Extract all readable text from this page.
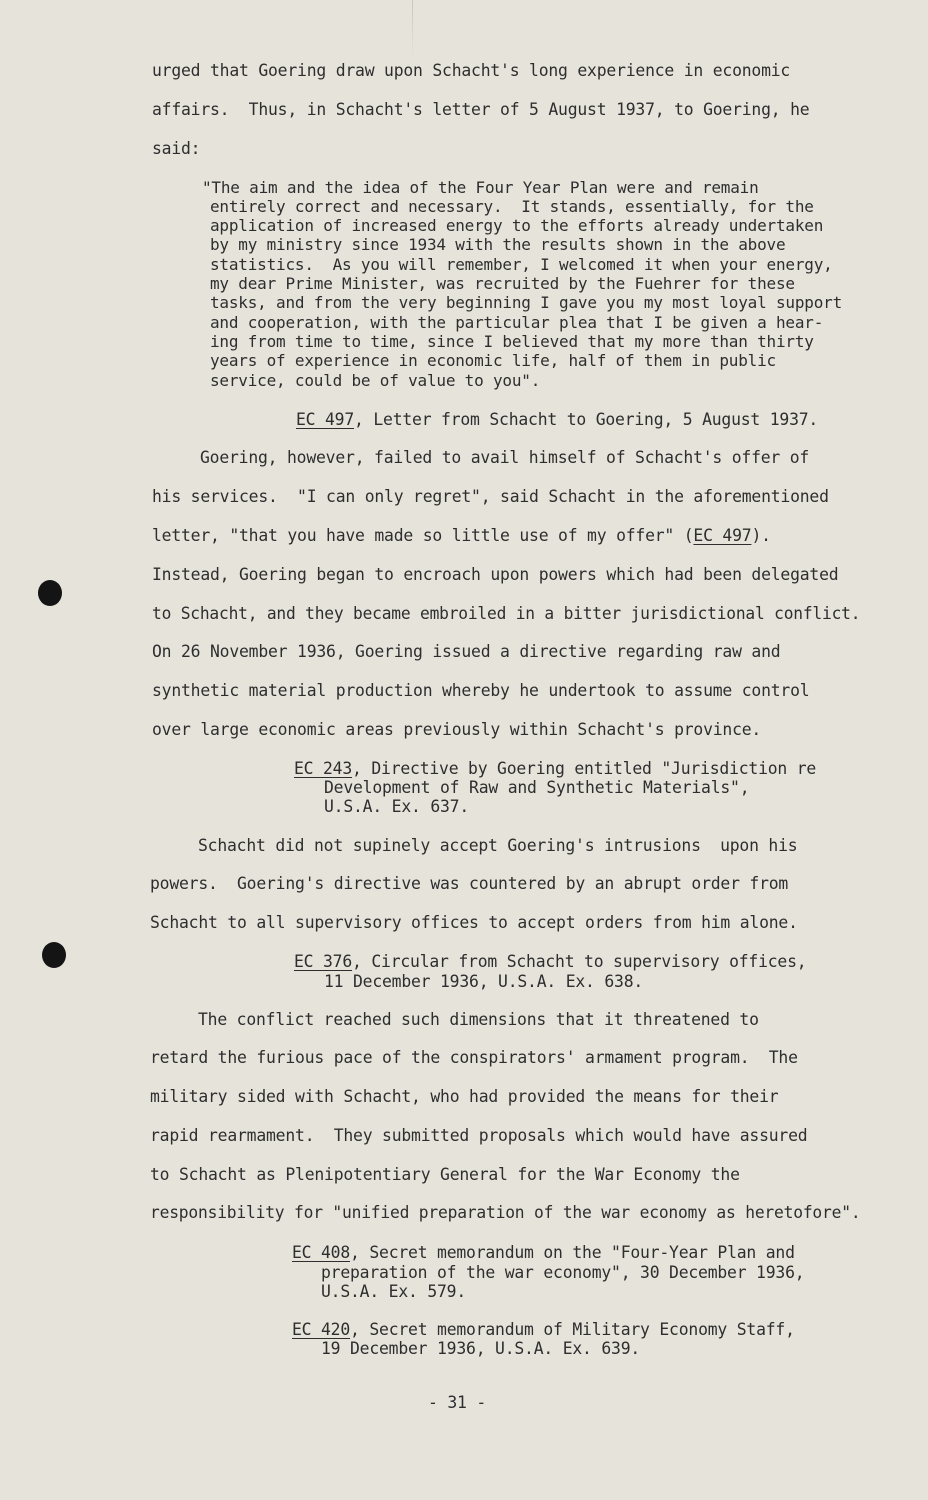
urged that Goering draw upon Schacht's long experience in economic
affairs.  Thus, in Schacht's letter of 5 August 1937, to Goering, he
said:
"The aim and the idea of the Four Year Plan were and remain
entirely correct and necessary.  It stands, essentially, for the
application of increased energy to the efforts already undertaken
by my ministry since 1934 with the results shown in the above
statistics.  As you will remember, I welcomed it when your energy,
my dear Prime Minister, was recruited by the Fuehrer for these
tasks, and from the very beginning I gave you my most loyal support
and cooperation, with the particular plea that I be given a hear-
ing from time to time, since I believed that my more than thirty
years of experience in economic life, half of them in public
service, could be of value to you".
EC 497, Letter from Schacht to Goering, 5 August 1937.
Goering, however, failed to avail himself of Schacht's offer of
his services.  "I can only regret", said Schacht in the aforementioned
letter, "that you have made so little use of my offer" (EC 497).
Instead, Goering began to encroach upon powers which had been delegated
to Schacht, and they became embroiled in a bitter jurisdictional conflict.
On 26 November 1936, Goering issued a directive regarding raw and
synthetic material production whereby he undertook to assume control
over large economic areas previously within Schacht's province.
EC 243, Directive by Goering entitled "Jurisdiction re
Development of Raw and Synthetic Materials",
U.S.A. Ex. 637.
Schacht did not supinely accept Goering's intrusions  upon his
powers.  Goering's directive was countered by an abrupt order from
Schacht to all supervisory offices to accept orders from him alone.
EC 376, Circular from Schacht to supervisory offices,
11 December 1936, U.S.A. Ex. 638.
The conflict reached such dimensions that it threatened to
retard the furious pace of the conspirators' armament program.  The
military sided with Schacht, who had provided the means for their
rapid rearmament.  They submitted proposals which would have assured
to Schacht as Plenipotentiary General for the War Economy the
responsibility for "unified preparation of the war economy as heretofore".
EC 408, Secret memorandum on the "Four-Year Plan and
preparation of the war economy", 30 December 1936,
U.S.A. Ex. 579.
EC 420, Secret memorandum of Military Economy Staff,
19 December 1936, U.S.A. Ex. 639.
- 31 -
